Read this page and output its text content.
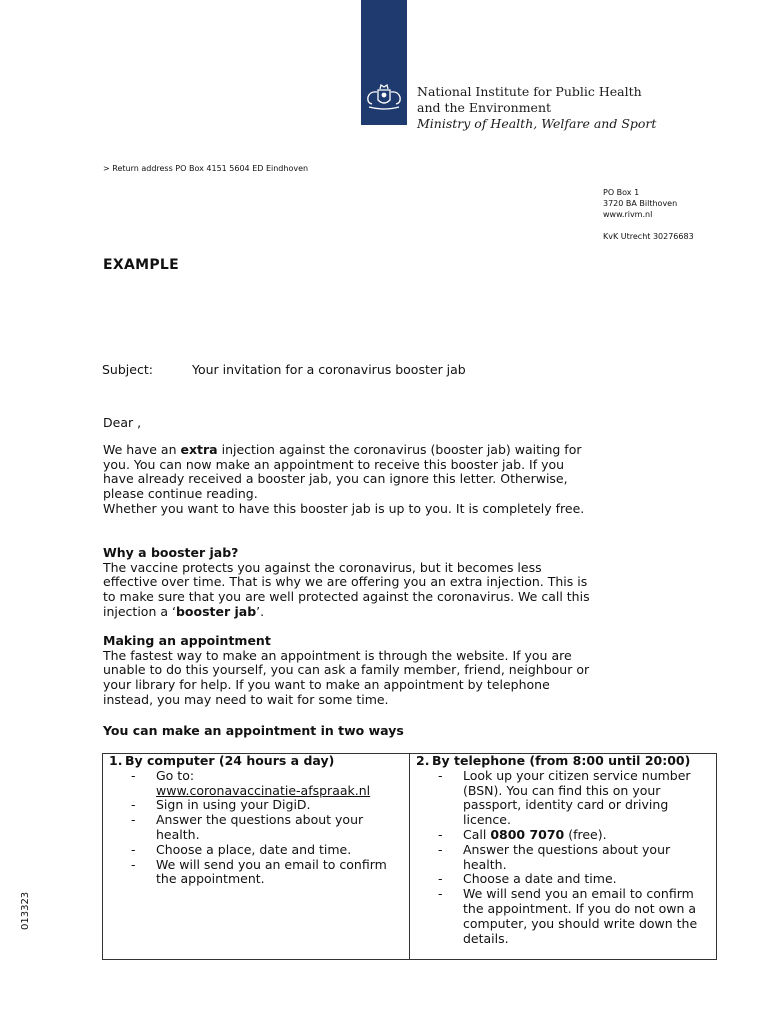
National Institute for Public Health
and the Environment
Ministry of Health, Welfare and Sport
> Return address PO Box 4151 5604 ED Eindhoven
PO Box 1
3720 BA Bilthoven
www.rivm.nl
KvK Utrecht 30276683
EXAMPLE
Subject:	Your invitation for a coronavirus booster jab
Dear ,

We have an extra injection against the coronavirus (booster jab) waiting for you. You can now make an appointment to receive this booster jab. If you have already received a booster jab, you can ignore this letter. Otherwise, please continue reading.

Whether you want to have this booster jab is up to you. It is completely free.

Why a booster jab?

The vaccine protects you against the coronavirus, but it becomes less effective over time. That is why we are offering you an extra injection. This is to make sure that you are well protected against the coronavirus. We call this injection a ‘booster jab’.

Making an appointment

The fastest way to make an appointment is through the website. If you are unable to do this yourself, you can ask a family member, friend, neighbour or your library for help. If you want to make an appointment by telephone instead, you may need to wait for some time.

You can make an appointment in two ways
1. By computer (24 hours a day)
-	Go to:
www.coronavaccinatie-afspraak.nl
-	Sign in using your DigiD.
-	Answer the questions about your health.
-	Choose a place, date and time.
-	We will send you an email to confirm the appointment.

2. By telephone (from 8:00 until 20:00)
-	Look up your citizen service number (BSN). You can find this on your passport, identity card or driving licence.
-	Call 0800 7070 (free).
-	Answer the questions about your health.
-	Choose a date and time.
-	We will send you an email to confirm the appointment. If you do not own a computer, you should write down the details.
013323
